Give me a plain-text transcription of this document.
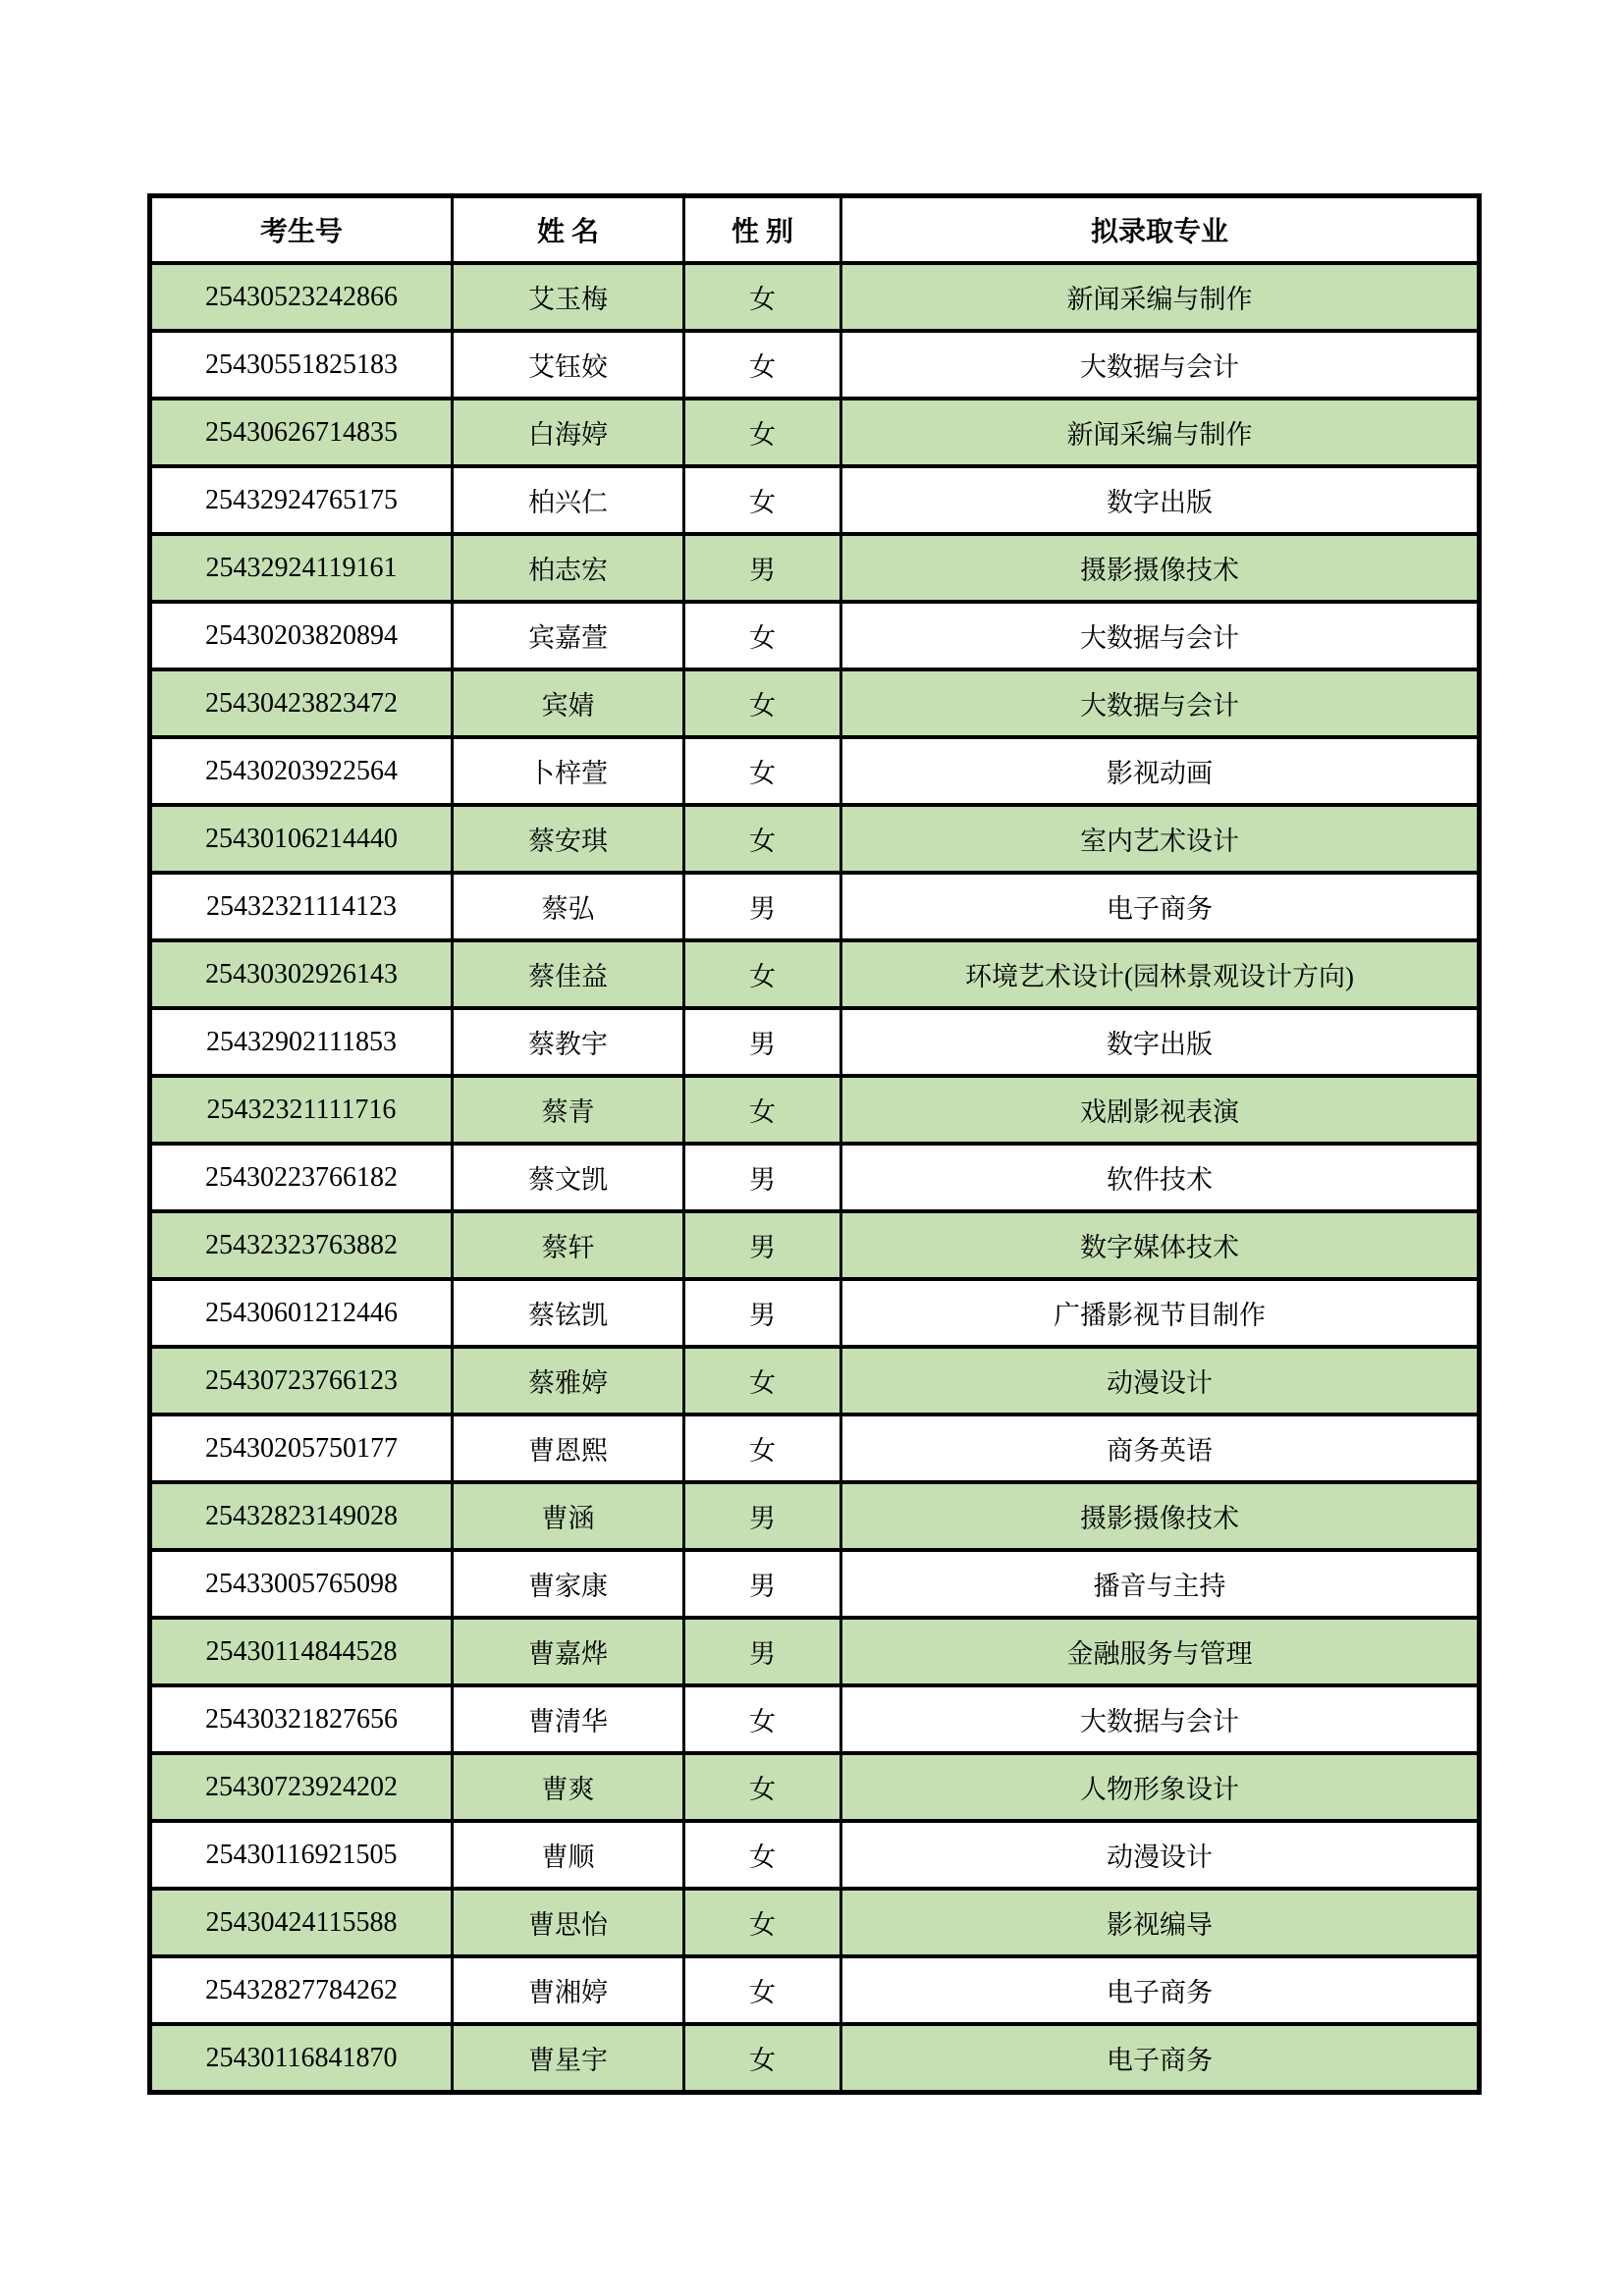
考生号	姓 名	性 别	拟录取专业
25430523242866	艾玉梅	女	新闻采编与制作
25430551825183	艾钰姣	女	大数据与会计
25430626714835	白海婷	女	新闻采编与制作
25432924765175	柏兴仁	女	数字出版
25432924119161	柏志宏	男	摄影摄像技术
25430203820894	宾嘉萱	女	大数据与会计
25430423823472	宾婧	女	大数据与会计
25430203922564	卜梓萱	女	影视动画
25430106214440	蔡安琪	女	室内艺术设计
25432321114123	蔡弘	男	电子商务
25430302926143	蔡佳益	女	环境艺术设计(园林景观设计方向)
25432902111853	蔡教宇	男	数字出版
25432321111716	蔡青	女	戏剧影视表演
25430223766182	蔡文凯	男	软件技术
25432323763882	蔡轩	男	数字媒体技术
25430601212446	蔡铉凯	男	广播影视节目制作
25430723766123	蔡雅婷	女	动漫设计
25430205750177	曹恩熙	女	商务英语
25432823149028	曹涵	男	摄影摄像技术
25433005765098	曹家康	男	播音与主持
25430114844528	曹嘉烨	男	金融服务与管理
25430321827656	曹清华	女	大数据与会计
25430723924202	曹爽	女	人物形象设计
25430116921505	曹顺	女	动漫设计
25430424115588	曹思怡	女	影视编导
25432827784262	曹湘婷	女	电子商务
25430116841870	曹星宇	女	电子商务
